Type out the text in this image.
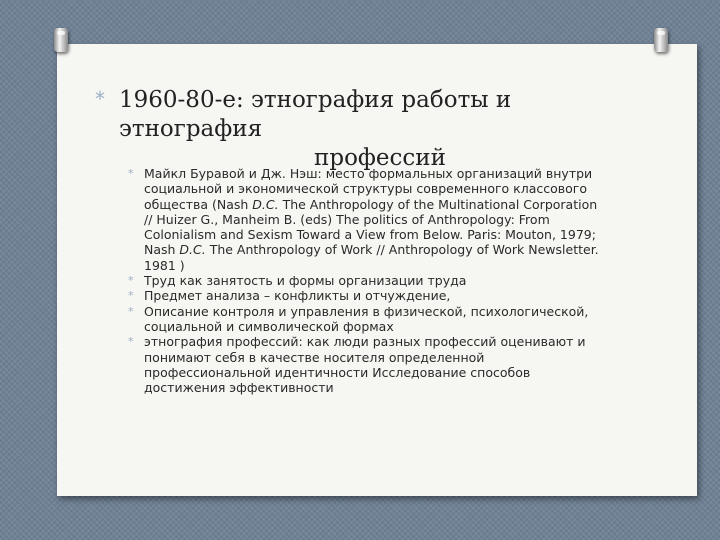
* 1960-80-е: этнография работы и этнография
профессий
* Майкл Буравой и Дж. Нэш: место формальных организаций внутри социальной и экономической структуры современного классового общества (Nash D.C. The Anthropology of the Multinational Corporation // Huizer G., Manheim B. (eds) The politics of Anthropology: From Colonialism and Sexism Toward a View from Below. Paris: Mouton, 1979; Nash D.C. The Anthropology of Work // Anthropology of Work Newsletter. 1981 )
* Труд как занятость и формы организации труда
* Предмет анализа – конфликты и отчуждение,
* Описание контроля и управления в физической, психологической, социальной и символической формах
* этнография профессий: как люди разных профессий оценивают и понимают себя в качестве носителя определенной профессиональной идентичности Исследование способов достижения эффективности
